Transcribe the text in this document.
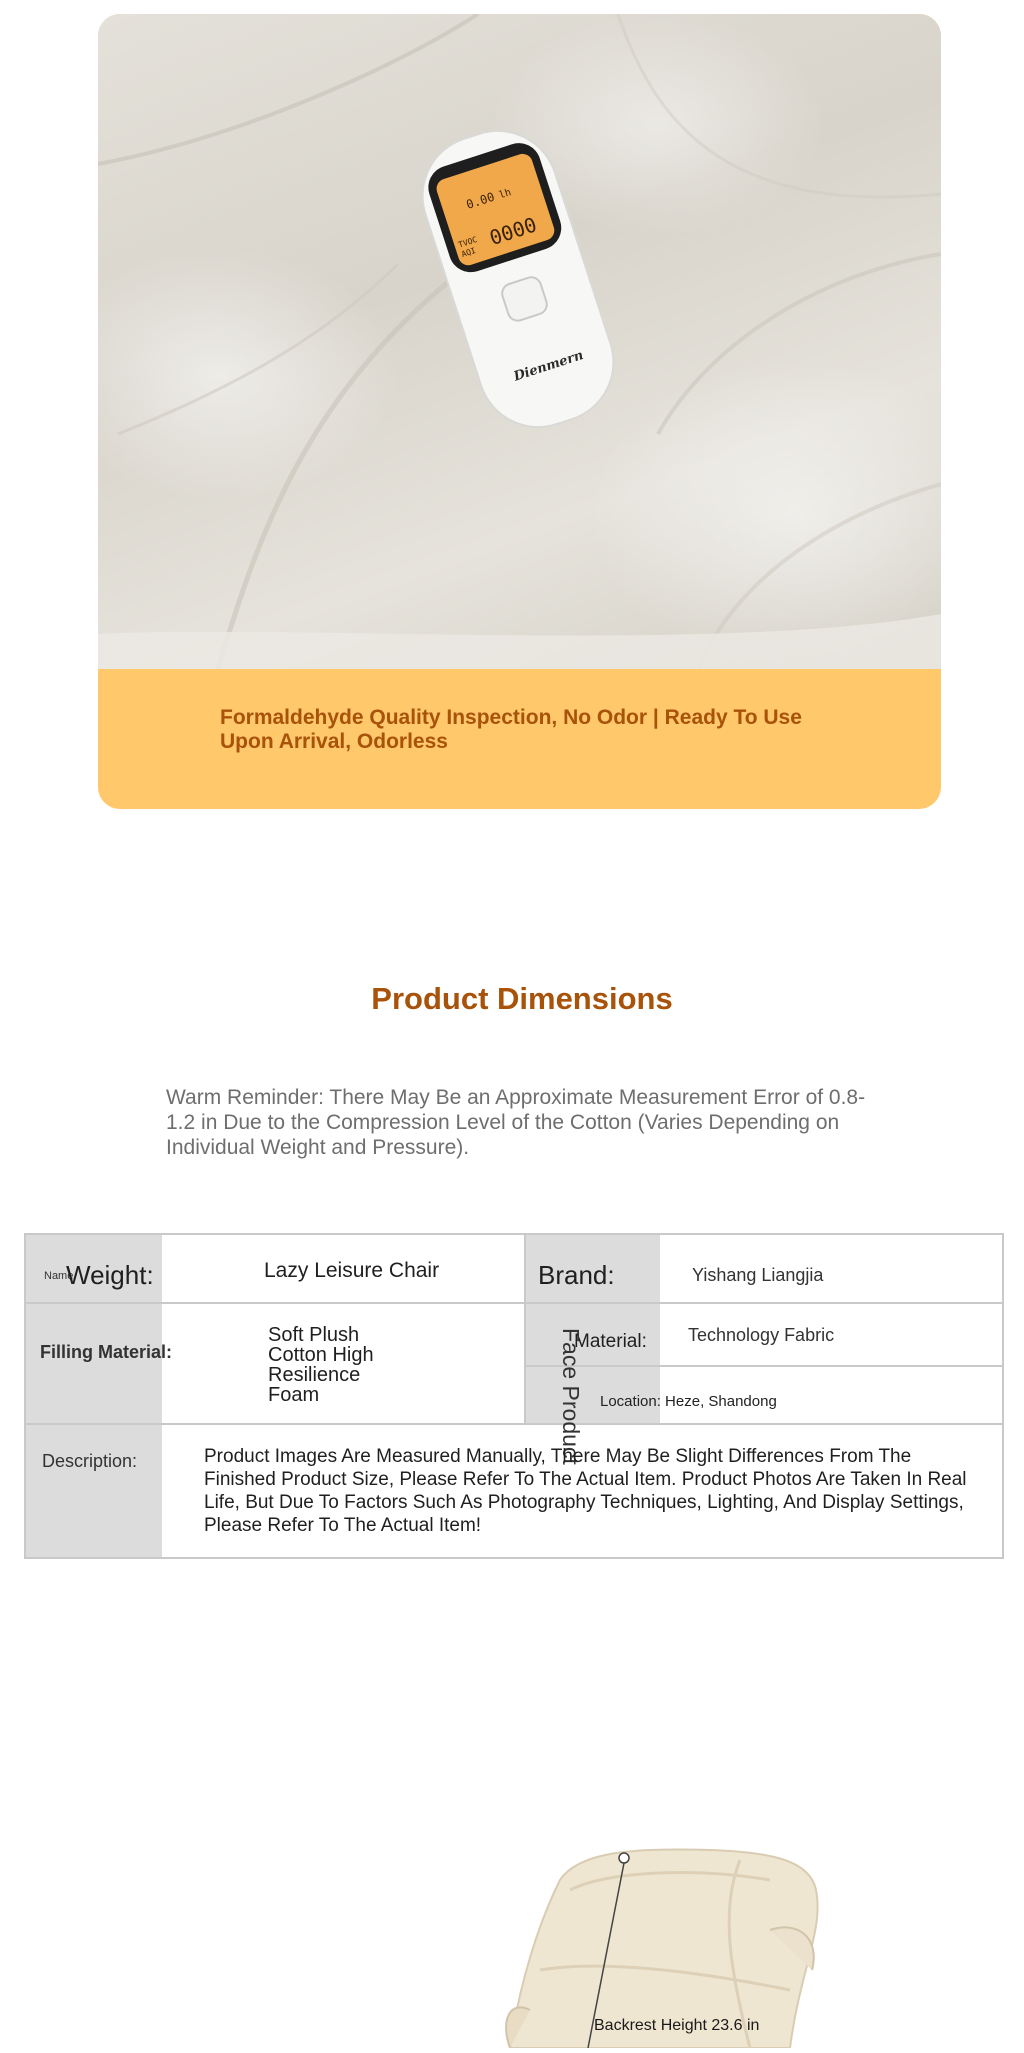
0.00 lh
TVOC
AQI
0000
Dienmern

Formaldehyde Quality Inspection, No Odor | Ready To Use Upon Arrival, Odorless

Product Dimensions

Warm Reminder: There May Be an Approximate Measurement Error of 0.8-1.2 in Due to the Compression Level of the Cotton (Varies Depending on Individual Weight and Pressure).

Name
Weight:	Lazy Leisure Chair	Brand:	Yishang Liangjia
Filling Material:
Soft Plush
Cotton High
Resilience
Foam
Material: Technology Fabric
Location: Heze, Shandong
Face Product
Description:	Product Images Are Measured Manually, There May Be Slight Differences From The Finished Product Size, Please Refer To The Actual Item. Product Photos Are Taken In Real Life, But Due To Factors Such As Photography Techniques, Lighting, And Display Settings, Please Refer To The Actual Item!
Backrest Height 23.6 in
